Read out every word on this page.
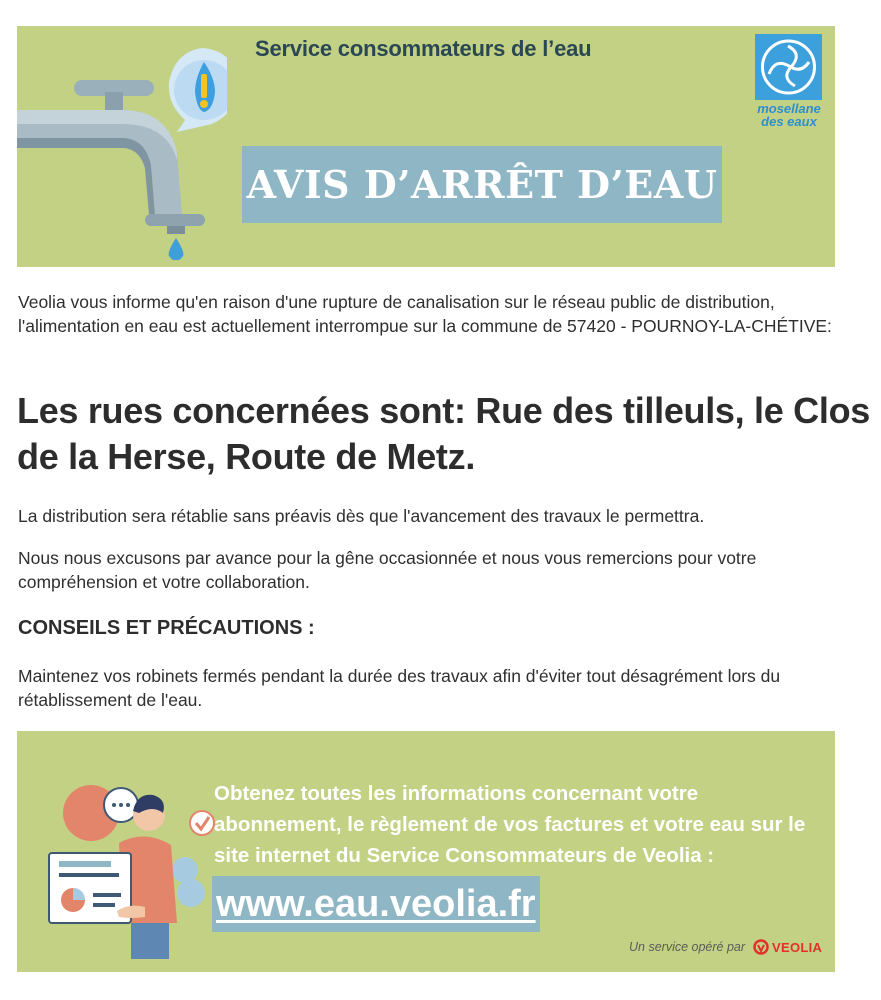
Service consommateurs de l’eau
mosellane
des eaux
AVIS D’ARRÊT D’EAU
Veolia vous informe qu'en raison d'une rupture de canalisation sur le réseau public de distribution, l'alimentation en eau est actuellement interrompue sur la commune de 57420 - POURNOY-LA-CHÉTIVE:
Les rues concernées sont: Rue des tilleuls, le Clos de la Herse, Route de Metz.
La distribution sera rétablie sans préavis dès que l'avancement des travaux le permettra.
Nous nous excusons par avance pour la gêne occasionnée et nous vous remercions pour votre compréhension et votre collaboration.
CONSEILS ET PRÉCAUTIONS :
Maintenez vos robinets fermés pendant la durée des travaux afin d'éviter tout désagrément lors du rétablissement de l'eau.
Obtenez toutes les informations concernant votre abonnement, le règlement de vos factures et votre eau sur le site internet du Service Consommateurs de Veolia :
www.eau.veolia.fr
Un service opéré par VEOLIA
